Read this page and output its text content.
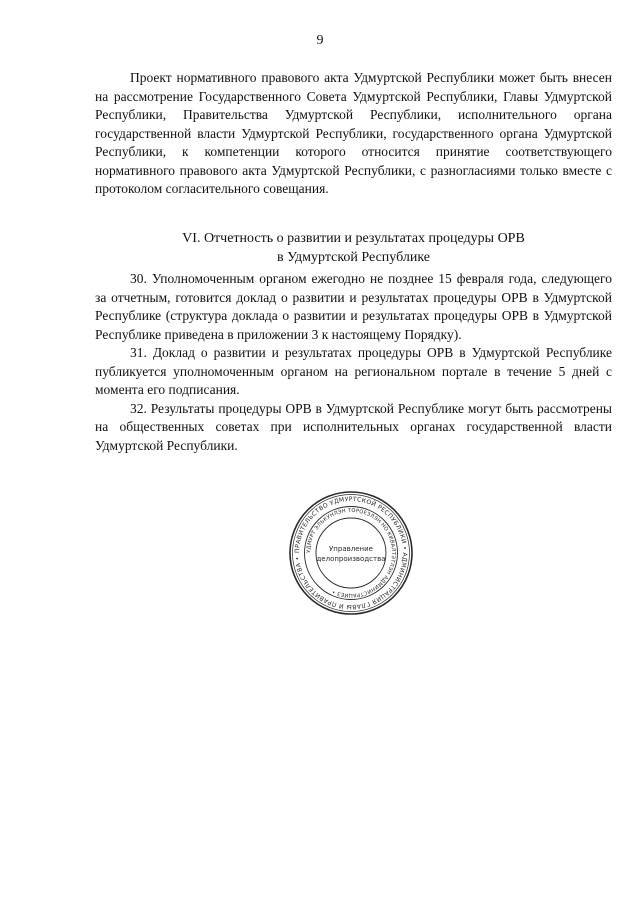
9

Проект нормативного правового акта Удмуртской Республики может быть внесен на рассмотрение Государственного Совета Удмуртской Республики, Главы Удмуртской Республики, Правительства Удмуртской Республики, исполнительного органа государственной власти Удмуртской Республики, государственного органа Удмуртской Республики, к компетенции которого относится принятие соответствующего нормативного правового акта Удмуртской Республики, с разногласиями только вместе с протоколом согласительного совещания.

VI. Отчетность о развитии и результатах процедуры ОРВ
в Удмуртской Республике

30. Уполномоченным органом ежегодно не позднее 15 февраля года, следующего за отчетным, готовится доклад о развитии и результатах процедуры ОРВ в Удмуртской Республике (структура доклада о развитии и результатах процедуры ОРВ в Удмуртской Республике приведена в приложении 3 к настоящему Порядку).

31. Доклад о развитии и результатах процедуры ОРВ в Удмуртской Республике публикуется уполномоченным органом на региональном портале в течение 5 дней с момента его подписания.

32. Результаты процедуры ОРВ в Удмуртской Республике могут быть рассмотрены на общественных советах при исполнительных органах государственной власти Удмуртской Республики.

ПРАВИТЕЛЬСТВО УДМУРТСКОЙ РЕСПУБЛИКИ • АДМИНИСТРАЦИЯ ГЛАВЫ И ПРАВИТЕЛЬСТВА •
УДМУРТ ЭЛЬКУНЛЭН ТОРОЕЗЛЭН НО КИВАЛТЭТЛЭН АДМИНИСТРАЦИЕЗ •
Управление
делопроизводства
